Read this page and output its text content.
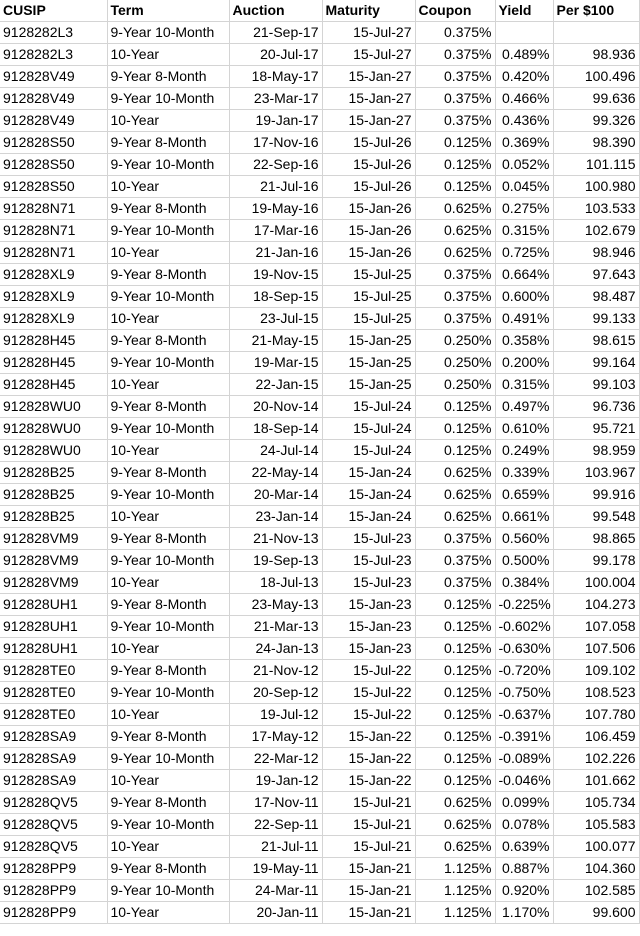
CUSIP	Term	Auction	Maturity	Coupon	Yield	Per $100
9128282L3	9-Year 10-Month	21-Sep-17	15-Jul-27	0.375%		
9128282L3	10-Year	20-Jul-17	15-Jul-27	0.375%	0.489%	98.936
912828V49	9-Year 8-Month	18-May-17	15-Jan-27	0.375%	0.420%	100.496
912828V49	9-Year 10-Month	23-Mar-17	15-Jan-27	0.375%	0.466%	99.636
912828V49	10-Year	19-Jan-17	15-Jan-27	0.375%	0.436%	99.326
912828S50	9-Year 8-Month	17-Nov-16	15-Jul-26	0.125%	0.369%	98.390
912828S50	9-Year 10-Month	22-Sep-16	15-Jul-26	0.125%	0.052%	101.115
912828S50	10-Year	21-Jul-16	15-Jul-26	0.125%	0.045%	100.980
912828N71	9-Year 8-Month	19-May-16	15-Jan-26	0.625%	0.275%	103.533
912828N71	9-Year 10-Month	17-Mar-16	15-Jan-26	0.625%	0.315%	102.679
912828N71	10-Year	21-Jan-16	15-Jan-26	0.625%	0.725%	98.946
912828XL9	9-Year 8-Month	19-Nov-15	15-Jul-25	0.375%	0.664%	97.643
912828XL9	9-Year 10-Month	18-Sep-15	15-Jul-25	0.375%	0.600%	98.487
912828XL9	10-Year	23-Jul-15	15-Jul-25	0.375%	0.491%	99.133
912828H45	9-Year 8-Month	21-May-15	15-Jan-25	0.250%	0.358%	98.615
912828H45	9-Year 10-Month	19-Mar-15	15-Jan-25	0.250%	0.200%	99.164
912828H45	10-Year	22-Jan-15	15-Jan-25	0.250%	0.315%	99.103
912828WU0	9-Year 8-Month	20-Nov-14	15-Jul-24	0.125%	0.497%	96.736
912828WU0	9-Year 10-Month	18-Sep-14	15-Jul-24	0.125%	0.610%	95.721
912828WU0	10-Year	24-Jul-14	15-Jul-24	0.125%	0.249%	98.959
912828B25	9-Year 8-Month	22-May-14	15-Jan-24	0.625%	0.339%	103.967
912828B25	9-Year 10-Month	20-Mar-14	15-Jan-24	0.625%	0.659%	99.916
912828B25	10-Year	23-Jan-14	15-Jan-24	0.625%	0.661%	99.548
912828VM9	9-Year 8-Month	21-Nov-13	15-Jul-23	0.375%	0.560%	98.865
912828VM9	9-Year 10-Month	19-Sep-13	15-Jul-23	0.375%	0.500%	99.178
912828VM9	10-Year	18-Jul-13	15-Jul-23	0.375%	0.384%	100.004
912828UH1	9-Year 8-Month	23-May-13	15-Jan-23	0.125%	-0.225%	104.273
912828UH1	9-Year 10-Month	21-Mar-13	15-Jan-23	0.125%	-0.602%	107.058
912828UH1	10-Year	24-Jan-13	15-Jan-23	0.125%	-0.630%	107.506
912828TE0	9-Year 8-Month	21-Nov-12	15-Jul-22	0.125%	-0.720%	109.102
912828TE0	9-Year 10-Month	20-Sep-12	15-Jul-22	0.125%	-0.750%	108.523
912828TE0	10-Year	19-Jul-12	15-Jul-22	0.125%	-0.637%	107.780
912828SA9	9-Year 8-Month	17-May-12	15-Jan-22	0.125%	-0.391%	106.459
912828SA9	9-Year 10-Month	22-Mar-12	15-Jan-22	0.125%	-0.089%	102.226
912828SA9	10-Year	19-Jan-12	15-Jan-22	0.125%	-0.046%	101.662
912828QV5	9-Year 8-Month	17-Nov-11	15-Jul-21	0.625%	0.099%	105.734
912828QV5	9-Year 10-Month	22-Sep-11	15-Jul-21	0.625%	0.078%	105.583
912828QV5	10-Year	21-Jul-11	15-Jul-21	0.625%	0.639%	100.077
912828PP9	9-Year 8-Month	19-May-11	15-Jan-21	1.125%	0.887%	104.360
912828PP9	9-Year 10-Month	24-Mar-11	15-Jan-21	1.125%	0.920%	102.585
912828PP9	10-Year	20-Jan-11	15-Jan-21	1.125%	1.170%	99.600
